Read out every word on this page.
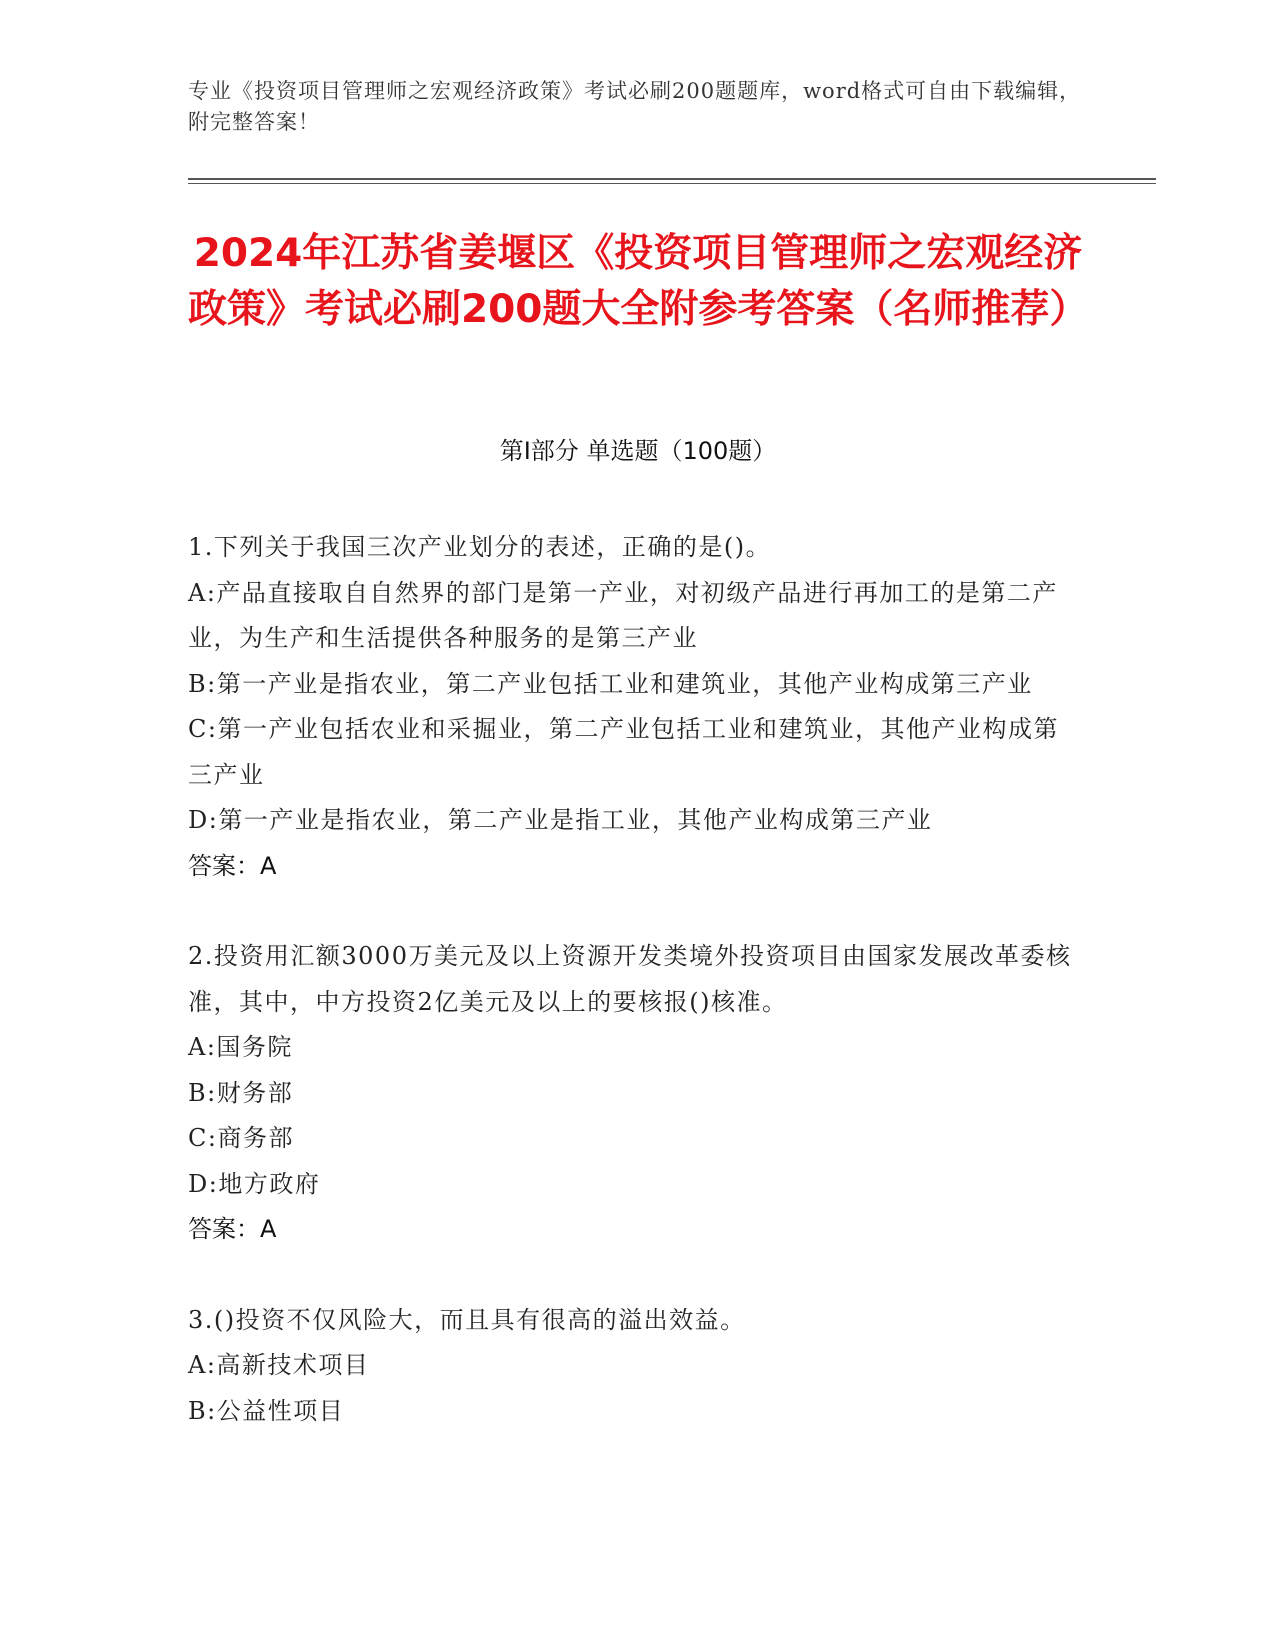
专业《投资项目管理师之宏观经济政策》考试必刷200题题库，word格式可自由下载编辑，附完整答案！
2024年江苏省姜堰区《投资项目管理师之宏观经济政策》考试必刷200题大全附参考答案（名师推荐）
第I部分 单选题（100题）

1.下列关于我国三次产业划分的表述，正确的是()。

A:产品直接取自自然界的部门是第一产业，对初级产品进行再加工的是第二产业，为生产和生活提供各种服务的是第三产业

B:第一产业是指农业，第二产业包括工业和建筑业，其他产业构成第三产业

C:第一产业包括农业和采掘业，第二产业包括工业和建筑业，其他产业构成第三产业

D:第一产业是指农业，第二产业是指工业，其他产业构成第三产业

答案：A

2.投资用汇额3000万美元及以上资源开发类境外投资项目由国家发展改革委核准，其中，中方投资2亿美元及以上的要核报()核准。

A:国务院

B:财务部

C:商务部

D:地方政府

答案：A

3.()投资不仅风险大，而且具有很高的溢出效益。

A:高新技术项目

B:公益性项目
